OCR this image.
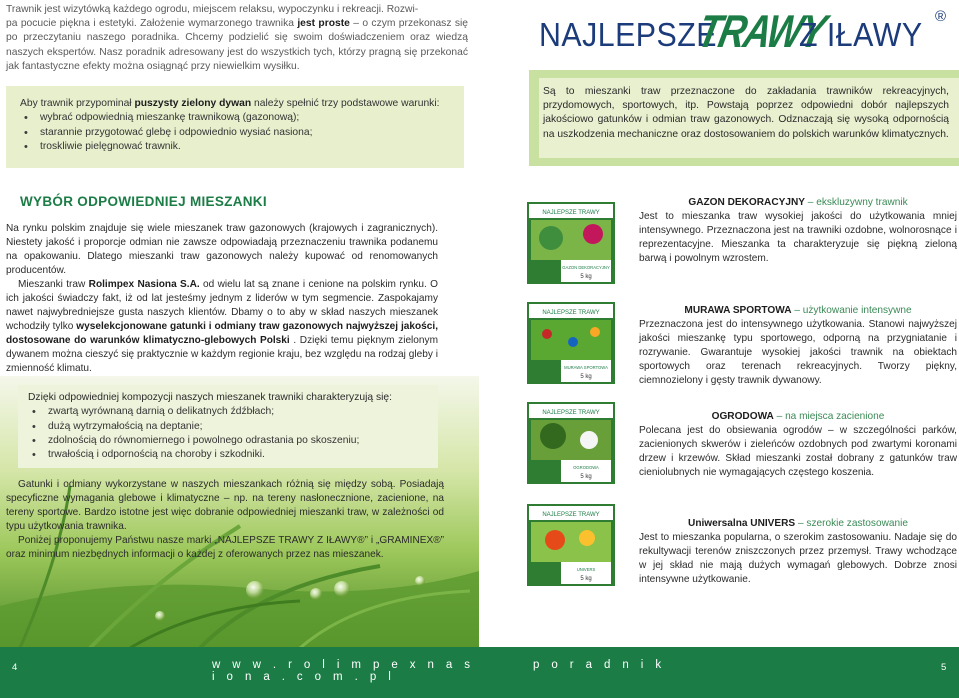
Trawnik jest wizytówką każdego ogrodu, miejscem relaksu, wypoczynku i rekreacji. Rozwi-
pa pocucie piękna i estetyki. Założenie wymarzonego trawnika jest proste – o czym przekonasz się po przeczytaniu naszego poradnika. Chcemy podzielić się swoim doświadczeniem oraz wiedzą naszych ekspertów. Nasz poradnik adresowany jest do wszystkich tych, którzy pragną się przekonać jak fantastyczne efekty można osiągnąć przy niewielkim wysiłku.

Aby trawnik przypominał puszysty zielony dywan należy spełnić trzy podstawowe warunki:

• wybrać odpowiednią mieszankę trawnikową (gazonową);
• starannie przygotować glebę i odpowiednio wysiać nasiona;
• troskliwie pielęgnować trawnik.
WYBÓR ODPOWIEDNIEJ MIESZANKI

Na rynku polskim znajduje się wiele mieszanek traw gazonowych (krajowych i zagranicznych). Niestety jakość i proporcje odmian nie zawsze odpowiadają przeznaczeniu trawnika podanemu na opakowaniu. Dlatego mieszanki traw gazonowych należy kupować od renomowanych producentów.

Mieszanki traw Rolimpex Nasiona S.A. od wielu lat są znane i cenione na polskim rynku. O ich jakości świadczy fakt, iż od lat jesteśmy jednym z liderów w tym segmencie. Zaspokajamy nawet najwybredniejsze gusta naszych klientów. Dbamy o to aby w skład naszych mieszanek wchodziły tylko wyselekcjonowane gatunki i odmiany traw gazonowych najwyższej jakości, dostosowane do warunków klimatyczno-glebowych Polski . Dzięki temu pięknym zielonym dywanem można cieszyć się praktycznie w każdym regionie kraju, bez względu na rodzaj gleby i zmienność klimatu.

Dzięki odpowiedniej kompozycji naszych mieszanek trawniki charakteryzują się:

• zwartą wyrównaną darnią o delikatnych źdźbłach;
• dużą wytrzymałością na deptanie;
• zdolnością do równomiernego i powolnego odrastania po skoszeniu;
• trwałością i odpornością na choroby i szkodniki.

Gatunki i odmiany wykorzystane w naszych mieszankach różnią się między sobą. Posiadają specyficzne wymagania glebowe i klimatyczne – np. na tereny nasłonecznione, zacienione, na tereny sportowe. Bardzo istotne jest więc dobranie odpowiedniej mieszanki traw, w zależności od typu użytkowania trawnika.

Poniżej proponujemy Państwu nasze marki „NAJLEPSZE TRAWY Z IŁAWY®” i „GRAMINEX®” oraz minimum niezbędnych informacji o każdej z oferowanych przez nas mieszanek.

4	w w w . r o l i m p e x n a s i o n a . c o m . p l
NAJLEPSZE
TRAWY
Z IŁAWY ®

Są to mieszanki traw przeznaczone do zakładania trawników rekreacyjnych, przydomowych, sportowych, itp. Powstają poprzez odpowiedni dobór najlepszych jakościowo gatunków i odmian traw gazonowych. Odznaczają się wysoką odpornością na uszkodzenia mechaniczne oraz dostosowaniem do polskich warunków klimatycznych.

NAJLEPSZE TRAWY
GAZON DEKORACYJNY
5 kg
GAZON DEKORACYJNY – ekskluzywny trawnik

Jest to mieszanka traw wysokiej jakości do użytkowania mniej intensywnego. Przeznaczona jest na trawniki ozdobne, wolnorosnące i reprezentacyjne. Mieszanka ta charakteryzuje się piękną zieloną barwą i powolnym wzrostem.

NAJLEPSZE TRAWY
MURAWA SPORTOWA
5 kg
MURAWA SPORTOWA – użytkowanie intensywne

Przeznaczona jest do intensywnego użytkowania. Stanowi najwyższej jakości mieszankę typu sportowego, odporną na przygniatanie i rozrywanie. Gwarantuje wysokiej jakości trawnik na obiektach sportowych oraz terenach rekreacyjnych. Tworzy piękny, ciemnozielony i gęsty trawnik dywanowy.

NAJLEPSZE TRAWY
OGRODOWA
5 kg
OGRODOWA – na miejsca zacienione

Polecana jest do obsiewania ogrodów – w szczególności parków, zacienionych skwerów i zieleńców ozdobnych pod zwartymi koronami drzew i krzewów. Skład mieszanki został dobrany z gatunków traw cieniolubnych nie wymagających częstego koszenia.

NAJLEPSZE TRAWY
UNIVERS
5 kg
Uniwersalna UNIVERS – szerokie zastosowanie

Jest to mieszanka popularna, o szerokim zastosowaniu. Nadaje się do rekultywacji terenów zniszczonych przez przemysł. Trawy wchodzące w jej skład nie mają dużych wymagań glebowych. Dobrze znosi intensywne użytkowanie.

p o r a d n i k	5
